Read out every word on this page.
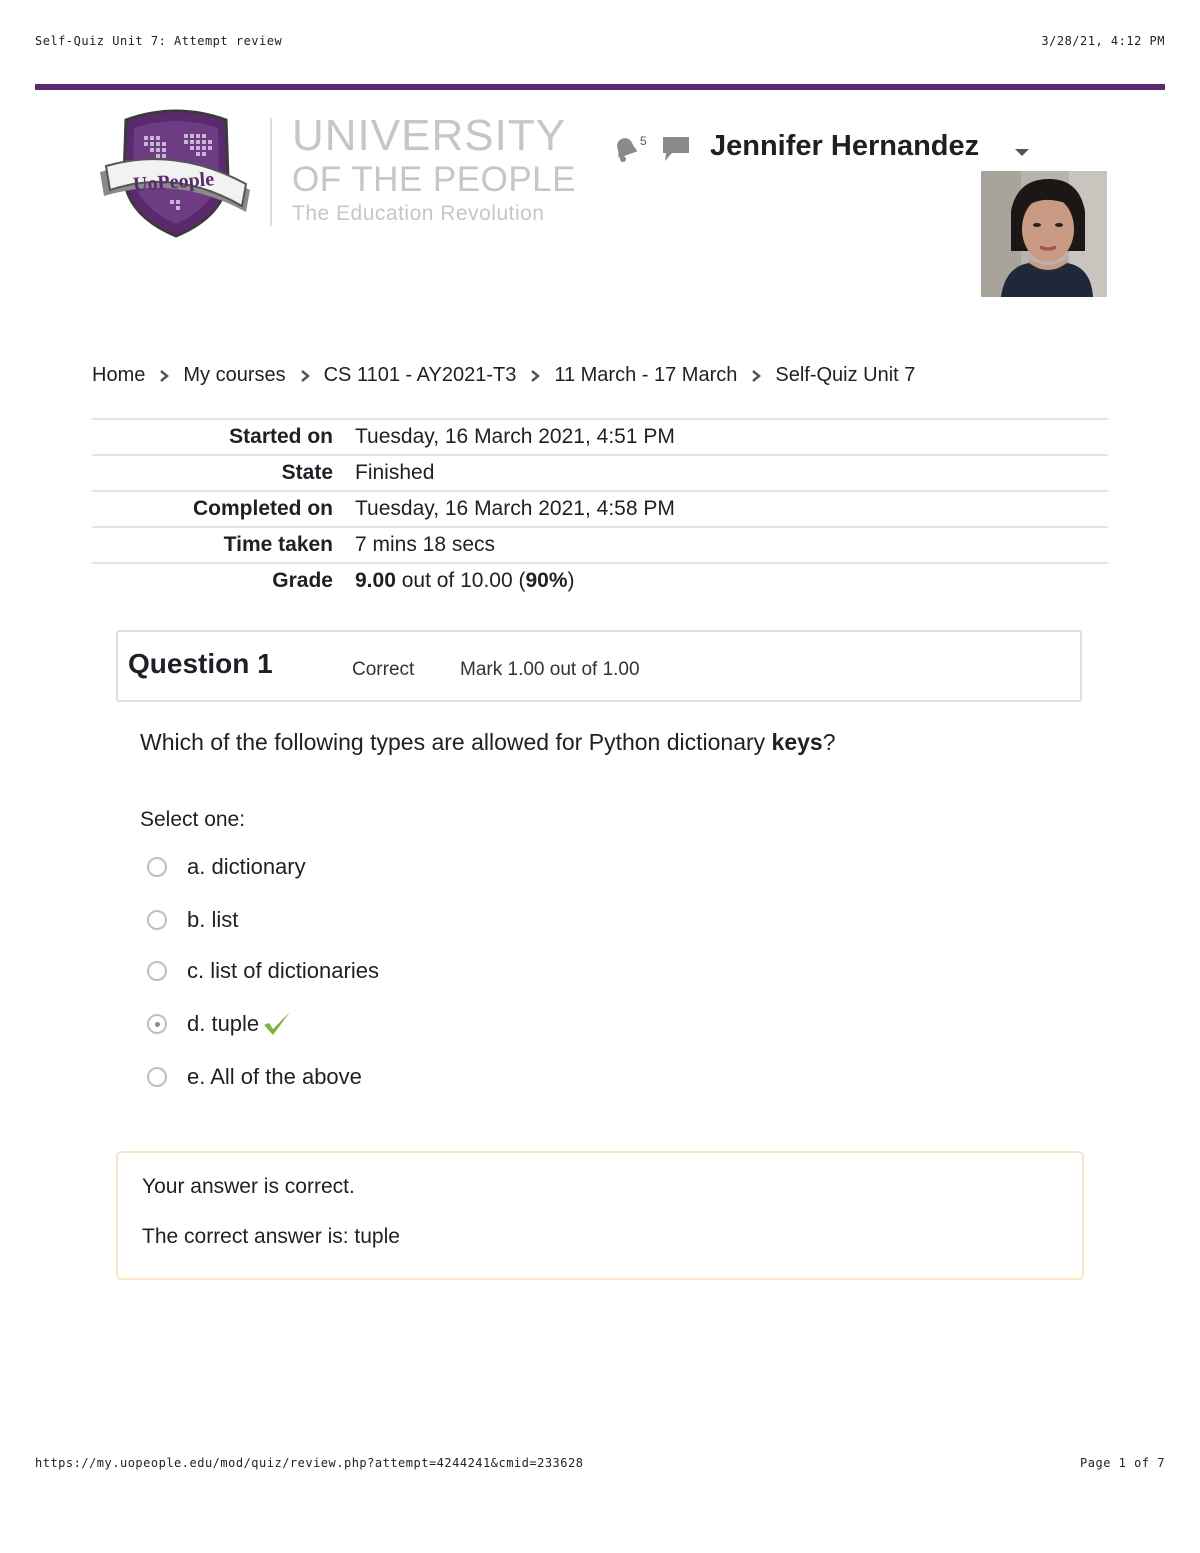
Self-Quiz Unit 7: Attempt review	3/28/21, 4:12 PM
UoPeople
UNIVERSITY
OF THE PEOPLE
The Education Revolution
5 Jennifer Hernandez
Home My courses CS 1101 - AY2021-T3 11 March - 17 March Self-Quiz Unit 7
Started on	Tuesday, 16 March 2021, 4:51 PM
State	Finished
Completed on	Tuesday, 16 March 2021, 4:58 PM
Time taken	7 mins 18 secs
Grade	9.00 out of 10.00 (90%)
Question 1	Correct Mark 1.00 out of 1.00
Which of the following types are allowed for Python dictionary keys?
Select one:
a. dictionary
b. list
c. list of dictionaries
d. tuple
e. All of the above
Your answer is correct.
The correct answer is: tuple
https://my.uopeople.edu/mod/quiz/review.php?attempt=4244241&cmid=233628	Page 1 of 7
